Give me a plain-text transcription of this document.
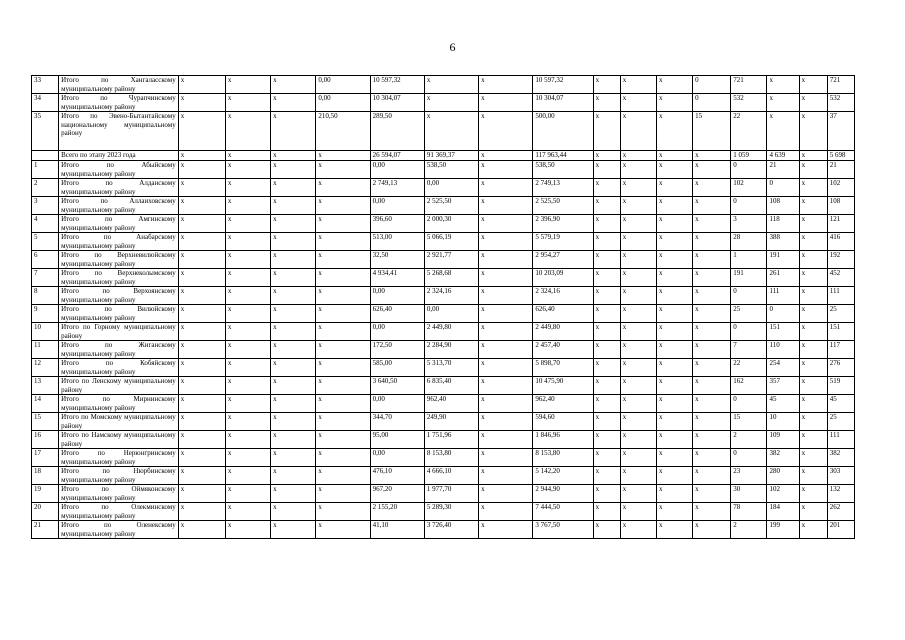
6
33	Итого по Хангаласскому муниципальному району	х	х	х	0,00	10 597,32	х	х	10 597,32	х	х	х	0	721	х	х	721
34	Итого по Чурапчинскому муниципальному району	х	х	х	0,00	10 304,07	х	х	10 304,07	х	х	х	0	532	х	х	532
35	Итого по Эвено-Бытантайскому национальному муниципальному району	х	х	х	210,50	289,50	х	х	500,00	х	х	х	15	22	х	х	37
	Всего по этапу 2023 года	х	х	х	х	26 594,07	91 369,37	х	117 963,44	х	х	х	х	1 059	4 639	х	5 698
1	Итого по Абыйскому муниципальному району	х	х	х	х	0,00	538,50	х	538,50	х	х	х	х	0	21	х	21
2	Итого по Алданскому муниципальному району	х	х	х	х	2 749,13	0,00	х	2 749,13	х	х	х	х	102	0	х	102
3	Итого по Аллаиховскому муниципальному району	х	х	х	х	0,00	2 525,50	х	2 525,50	х	х	х	х	0	108	х	108
4	Итого по Амгинскому муниципальному району	х	х	х	х	396,60	2 000,30	х	2 396,90	х	х	х	х	3	118	х	121
5	Итого по Анабарскому муниципальному району	х	х	х	х	513,00	5 066,19	х	5 579,19	х	х	х	х	28	388	х	416
6	Итого по Верхневилюйскому муниципальному району	х	х	х	х	32,50	2 921,77	х	2 954,27	х	х	х	х	1	191	х	192
7	Итого по Верхнеколымскому муниципальному району	х	х	х	х	4 934,41	5 268,68	х	10 203,09	х	х	х	х	191	261	х	452
8	Итого по Верхоянскому муниципальному району	х	х	х	х	0,00	2 324,16	х	2 324,16	х	х	х	х	0	111	х	111
9	Итого по Вилюйскому муниципальному району	х	х	х	х	626,40	0,00	х	626,40	х	х	х	х	25	0	х	25
10	Итого по Горному муниципальному району	х	х	х	х	0,00	2 449,80	х	2 449,80	х	х	х	х	0	151	х	151
11	Итого по Жиганскому муниципальному району	х	х	х	х	172,50	2 284,90	х	2 457,40	х	х	х	х	7	110	х	117
12	Итого по Кобяйскому муниципальному району	х	х	х	х	585,00	5 313,70	х	5 898,70	х	х	х	х	22	254	х	276
13	Итого по Ленскому муниципальному району	х	х	х	х	3 640,50	6 835,40	х	10 475,90	х	х	х	х	162	357	х	519
14	Итого по Мирнинскому муниципальному району	х	х	х	х	0,00	962,40	х	962,40	х	х	х	х	0	45	х	45
15	Итого по Момскому муниципальному району	х	х	х	х	344,70	249,90	х	594,60	х	х	х	х	15	10	х	25
16	Итого по Намскому муниципальному району	х	х	х	х	95,00	1 751,96	х	1 846,96	х	х	х	х	2	109	х	111
17	Итого по Нерюнгринскому муниципальному району	х	х	х	х	0,00	8 153,80	х	8 153,80	х	х	х	х	0	382	х	382
18	Итого по Нюрбинскому муниципальному району	х	х	х	х	476,10	4 666,10	х	5 142,20	х	х	х	х	23	280	х	303
19	Итого по Оймяконскому муниципальному району	х	х	х	х	967,20	1 977,70	х	2 944,90	х	х	х	х	30	102	х	132
20	Итого по Олекминскому муниципальному району	х	х	х	х	2 155,20	5 289,30	х	7 444,50	х	х	х	х	78	184	х	262
21	Итого по Оленекскому муниципальному району	х	х	х	х	41,10	3 726,40	х	3 767,50	х	х	х	х	2	199	х	201
